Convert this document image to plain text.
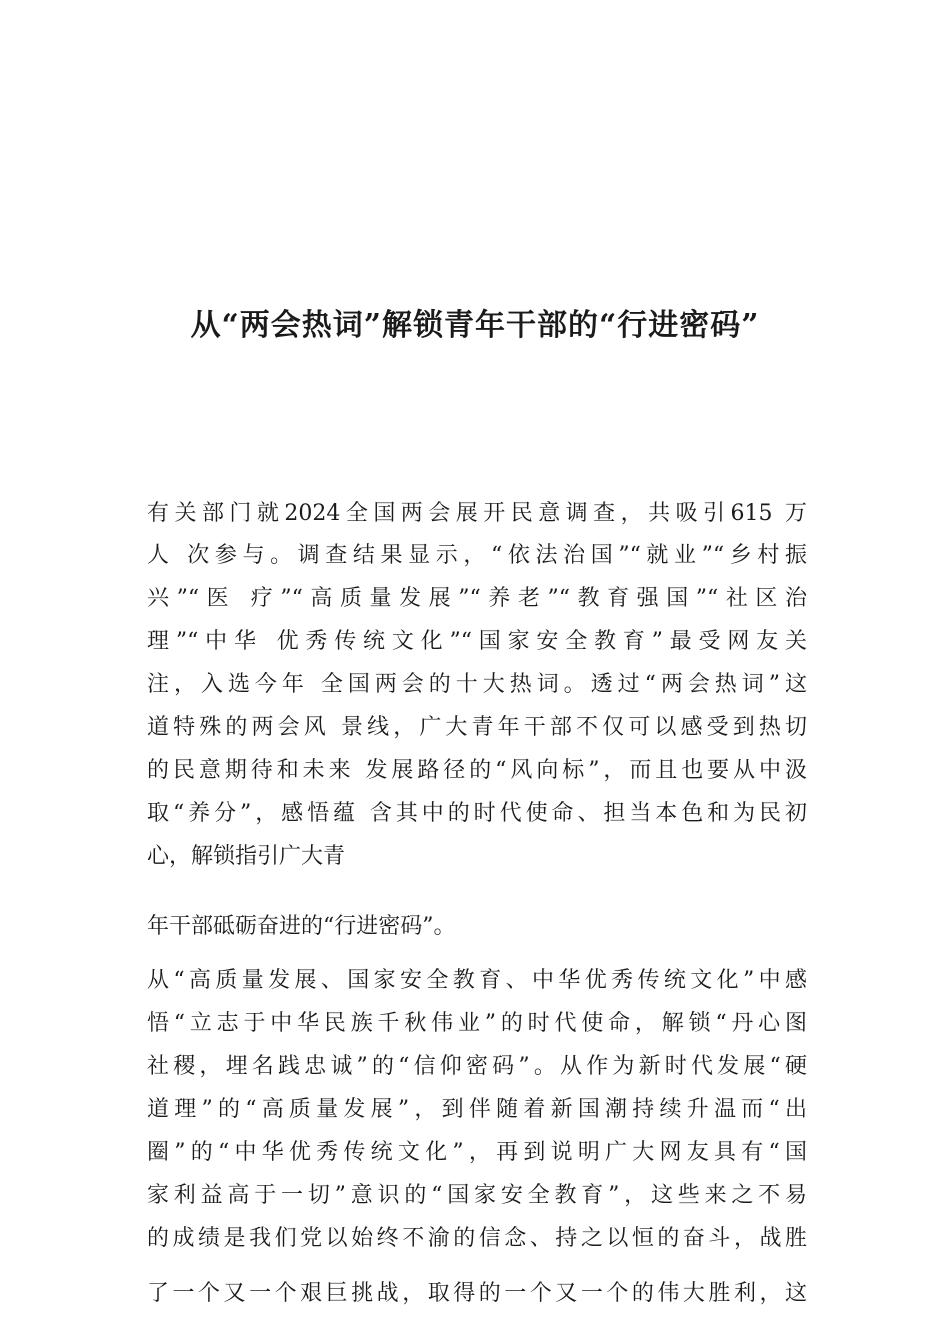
从“两会热词”解锁青年干部的“行进密码”
有关部门就2024全国两会展开民意调查，共吸引615 万
人 次参与。调查结果显示，“依法治国”“就业”“乡村振
兴”“医 疗”“高质量发展”“养老”“教育强国”“社区治
理”“中华 优秀传统文化”“国家安全教育”最受网友关
注，入选今年 全国两会的十大热词。透过“两会热词”这
道特殊的两会风 景线，广大青年干部不仅可以感受到热切
的民意期待和未来 发展路径的“风向标”，而且也要从中汲
取“养分”，感悟蕴 含其中的时代使命、担当本色和为民初
心，解锁指引广大青
年干部砥砺奋进的“行进密码”。
从“高质量发展、国家安全教育、中华优秀传统文化”中感
悟“立志于中华民族千秋伟业”的时代使命，解锁“丹心图
社稷，埋名践忠诚”的“信仰密码”。从作为新时代发展“硬
道理”的“高质量发展”，到伴随着新国潮持续升温而“出
圈”的“中华优秀传统文化”，再到说明广大网友具有“国
家利益高于一切”意识的“国家安全教育”，这些来之不易
的成绩是我们党以始终不渝的信念、持之以恒的奋斗，战胜
了一个又一个艰巨挑战，取得的一个又一个的伟大胜利，这
